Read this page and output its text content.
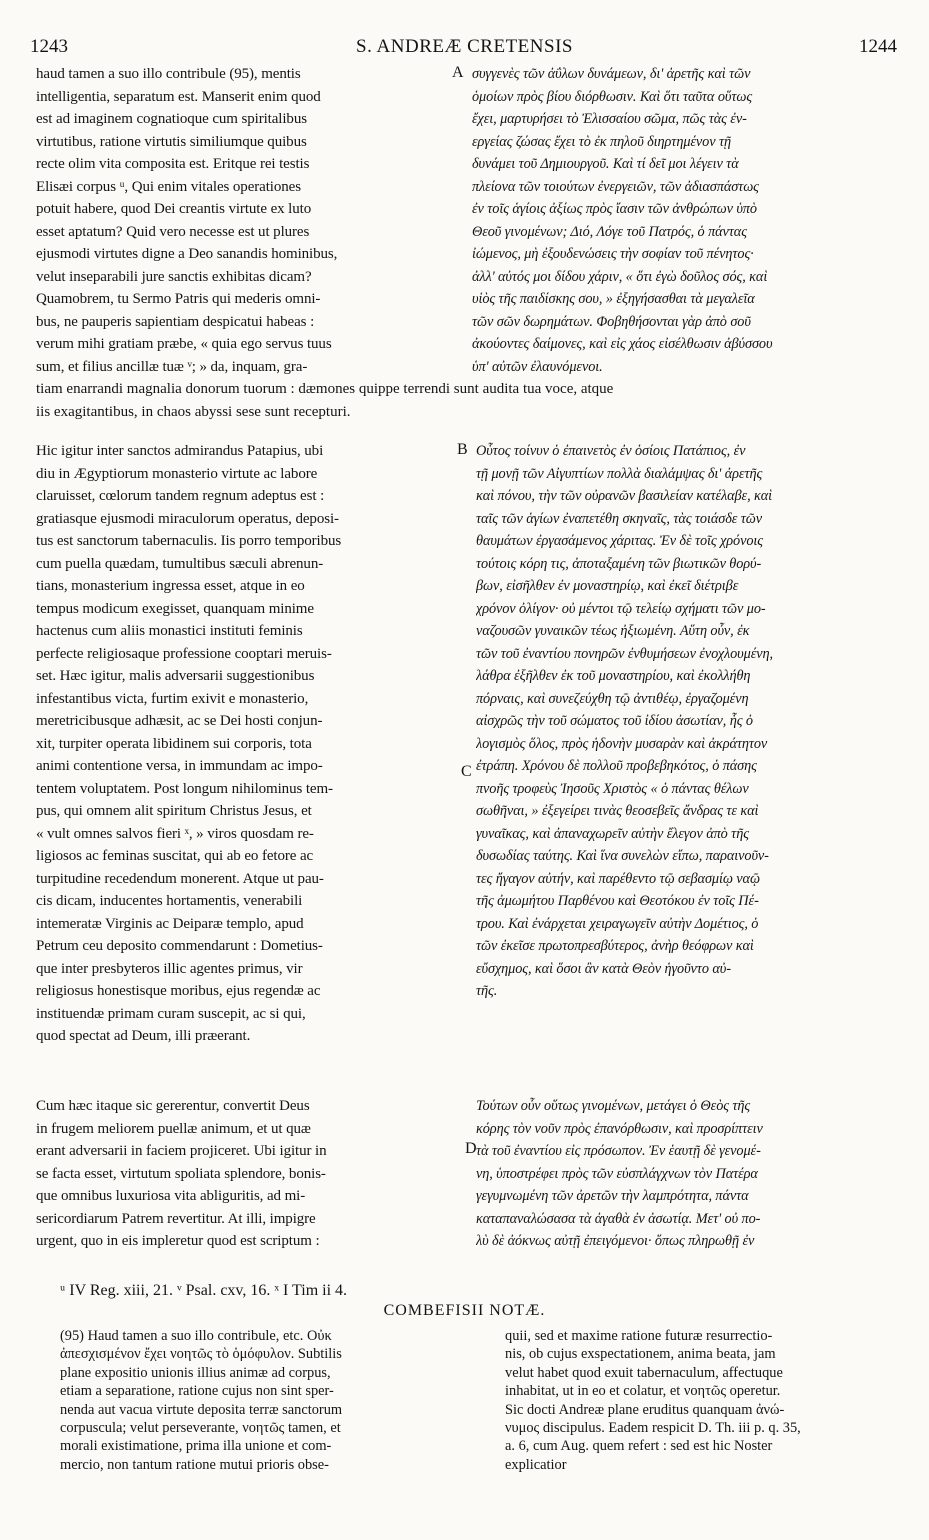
1243	S. ANDREÆ CRETENSIS	1244
haud tamen a suo illo contribule (95), mentis
intelligentia, separatum est. Manserit enim quod
est ad imaginem cognatioque cum spiritalibus
virtutibus, ratione virtutis similiumque quibus
recte olim vita composita est. Eritque rei testis
Elisæi corpus ᵘ, Qui enim vitales operationes
potuit habere, quod Dei creantis virtute ex luto
esset aptatum? Quid vero necesse est ut plures
ejusmodi virtutes digne a Deo sanandis hominibus,
velut inseparabili jure sanctis exhibitas dicam?
Quamobrem, tu Sermo Patris qui mederis omni-
bus, ne pauperis sapientiam despicatui habeas :
verum mihi gratiam præbe, « quia ego servus tuus
sum, et filius ancillæ tuæ ᵛ; » da, inquam, gra-
συγγενὲς τῶν ἀΰλων δυνάμεων, δι' ἀρετῆς καὶ τῶν
ὁμοίων πρὸς βίου διόρθωσιν. Καὶ ὅτι ταῦτα οὕτως
ἔχει, μαρτυρήσει τὸ Ἐλισσαίου σῶμα, πῶς τὰς ἐν-
εργείας ζώσας ἔχει τὸ ἐκ πηλοῦ διηρτημένον τῇ
δυνάμει τοῦ Δημιουργοῦ. Καὶ τί δεῖ μοι λέγειν τὰ
πλείονα τῶν τοιούτων ἐνεργειῶν, τῶν ἀδιασπάστως
ἐν τοῖς ἁγίοις ἀξίως πρὸς ἴασιν τῶν ἀνθρώπων ὑπὸ
Θεοῦ γινομένων; Διό, Λόγε τοῦ Πατρός, ὁ πάντας
ἰώμενος, μὴ ἐξουδενώσεις τὴν σοφίαν τοῦ πένητος·
ἀλλ' αὐτός μοι δίδου χάριν, « ὅτι ἐγὼ δοῦλος σός, καὶ
υἱὸς τῆς παιδίσκης σου, » ἐξηγήσασθαι τὰ μεγαλεῖα
τῶν σῶν δωρημάτων. Φοβηθήσονται γὰρ ἀπὸ σοῦ
ἀκούοντες δαίμονες, καὶ εἰς χάος εἰσέλθωσιν ἀβύσσου
ὑπ' αὐτῶν ἐλαυνόμενοι.
tiam enarrandi magnalia donorum tuorum : dæmones quippe terrendi sunt audita tua voce, atque
iis exagitantibus, in chaos abyssi sese sunt recepturi.
Hic igitur inter sanctos admirandus Patapius, ubi
diu in Ægyptiorum monasterio virtute ac labore
claruisset, cœlorum tandem regnum adeptus est :
gratiasque ejusmodi miraculorum operatus, deposi-
tus est sanctorum tabernaculis. Iis porro temporibus
cum puella quædam, tumultibus sæculi abrenun-
tians, monasterium ingressa esset, atque in eo
tempus modicum exegisset, quanquam minime
hactenus cum aliis monastici instituti feminis
perfecte religiosaque professione cooptari meruis-
set. Hæc igitur, malis adversarii suggestionibus
infestantibus victa, furtim exivit e monasterio,
meretricibusque adhæsit, ac se Dei hosti conjun-
xit, turpiter operata libidinem sui corporis, tota
animi contentione versa, in immundam ac impo-
tentem voluptatem. Post longum nihilominus tem-
pus, qui omnem alit spiritum Christus Jesus, et
« vult omnes salvos fieri ˣ, » viros quosdam re-
ligiosos ac feminas suscitat, qui ab eo fetore ac
turpitudine recedendum monerent. Atque ut pau-
cis dicam, inducentes hortamentis, venerabili
intemeratæ Virginis ac Deiparæ templo, apud
Petrum ceu deposito commendarunt : Dometius-
que inter presbyteros illic agentes primus, vir
religiosus honestisque moribus, ejus regendæ ac
instituendæ primam curam suscepit, ac si qui,
quod spectat ad Deum, illi præerant.
Οὗτος τοίνυν ὁ ἐπαινετὸς ἐν ὁσίοις Πατάπιος, ἐν
τῇ μονῇ τῶν Αἰγυπτίων πολλὰ διαλάμψας δι' ἀρετῆς
καὶ πόνου, τὴν τῶν οὐρανῶν βασιλείαν κατέλαβε, καὶ
ταῖς τῶν ἁγίων ἐναπετέθη σκηναῖς, τὰς τοιάσδε τῶν
θαυμάτων ἐργασάμενος χάριτας. Ἐν δὲ τοῖς χρόνοις
τούτοις κόρη τις, ἀποταξαμένη τῶν βιωτικῶν θορύ-
βων, εἰσῆλθεν ἐν μοναστηρίῳ, καὶ ἐκεῖ διέτριβε
χρόνον ὀλίγον· οὐ μέντοι τῷ τελείῳ σχήματι τῶν μο-
ναζουσῶν γυναικῶν τέως ἠξιωμένη. Αὕτη οὖν, ἐκ
τῶν τοῦ ἐναντίου πονηρῶν ἐνθυμήσεων ἐνοχλουμένη,
λάθρα ἐξῆλθεν ἐκ τοῦ μοναστηρίου, καὶ ἐκολλήθη
πόρναις, καὶ συνεζεύχθη τῷ ἀντιθέῳ, ἐργαζομένη
αἰσχρῶς τὴν τοῦ σώματος τοῦ ἰδίου ἀσωτίαν, ἧς ὁ
λογισμὸς ὅλος, πρὸς ἡδονὴν μυσαρὰν καὶ ἀκράτητον
ἐτράπη. Χρόνου δὲ πολλοῦ προβεβηκότος, ὁ πάσης
πνοῆς τροφεὺς Ἰησοῦς Χριστὸς « ὁ πάντας θέλων
σωθῆναι, » ἐξεγείρει τινὰς θεοσεβεῖς ἄνδρας τε καὶ
γυναῖκας, καὶ ἀπαναχωρεῖν αὐτὴν ἔλεγον ἀπὸ τῆς
δυσωδίας ταύτης. Καὶ ἵνα συνελὼν εἴπω, παραινοῦν-
τες ἤγαγον αὐτήν, καὶ παρέθεντο τῷ σεβασμίῳ ναῷ
τῆς ἀμωμήτου Παρθένου καὶ Θεοτόκου ἐν τοῖς Πέ-
τρου. Καὶ ἐνάρχεται χειραγωγεῖν αὐτὴν Δομέτιος, ὁ
τῶν ἐκεῖσε πρωτοπρεσβύτερος, ἀνὴρ θεόφρων καὶ
εὔσχημος, καὶ ὅσοι ἂν κατὰ Θεὸν ἡγοῦντο αὐ-
τῆς.
Cum hæc itaque sic gererentur, convertit Deus
in frugem meliorem puellæ animum, et ut quæ
erant adversarii in faciem projiceret. Ubi igitur in
se facta esset, virtutum spoliata splendore, bonis-
que omnibus luxuriosa vita abliguritis, ad mi-
sericordiarum Patrem revertitur. At illi, impigre
urgent, quo in eis impleretur quod est scriptum :
Τούτων οὖν οὕτως γινομένων, μετάγει ὁ Θεὸς τῆς
κόρης τὸν νοῦν πρὸς ἐπανόρθωσιν, καὶ προσρίπτειν
τὰ τοῦ ἐναντίου εἰς πρόσωπον. Ἐν ἑαυτῇ δὲ γενομέ-
νη, ὑποστρέφει πρὸς τῶν εὐσπλάγχνων τὸν Πατέρα
γεγυμνωμένη τῶν ἀρετῶν τὴν λαμπρότητα, πάντα
καταπαναλώσασα τὰ ἀγαθὰ ἐν ἀσωτίᾳ. Μετ' οὐ πο-
λὺ δὲ ἀόκνως αὐτῇ ἐπειγόμενοι· ὅπως πληρωθῇ ἐν
A
B
C
D
ᵘ IV Reg. xiii, 21. ᵛ Psal. cxv, 16. ˣ I Tim ii 4.
COMBEFISII NOTÆ.
(95) Haud tamen a suo illo contribule, etc. Οὐκ
ἀπεσχισμένον ἔχει νοητῶς τὸ ὁμόφυλον. Subtilis
plane expositio unionis illius animæ ad corpus,
etiam a separatione, ratione cujus non sint sper-
nenda aut vacua virtute deposita terræ sanctorum
corpuscula; velut perseverante, νοητῶς tamen, et
morali existimatione, prima illa unione et com-
mercio, non tantum ratione mutui prioris obse-
quii, sed et maxime ratione futuræ resurrectio-
nis, ob cujus exspectationem, anima beata, jam
velut habet quod exuit tabernaculum, affectuque
inhabitat, ut in eo et colatur, et νοητῶς operetur.
Sic docti Andreæ plane eruditus quanquam ἀνώ-
νυμος discipulus. Eadem respicit D. Th. iii p. q. 35,
a. 6, cum Aug. quem refert : sed est hic Noster
explicatior
